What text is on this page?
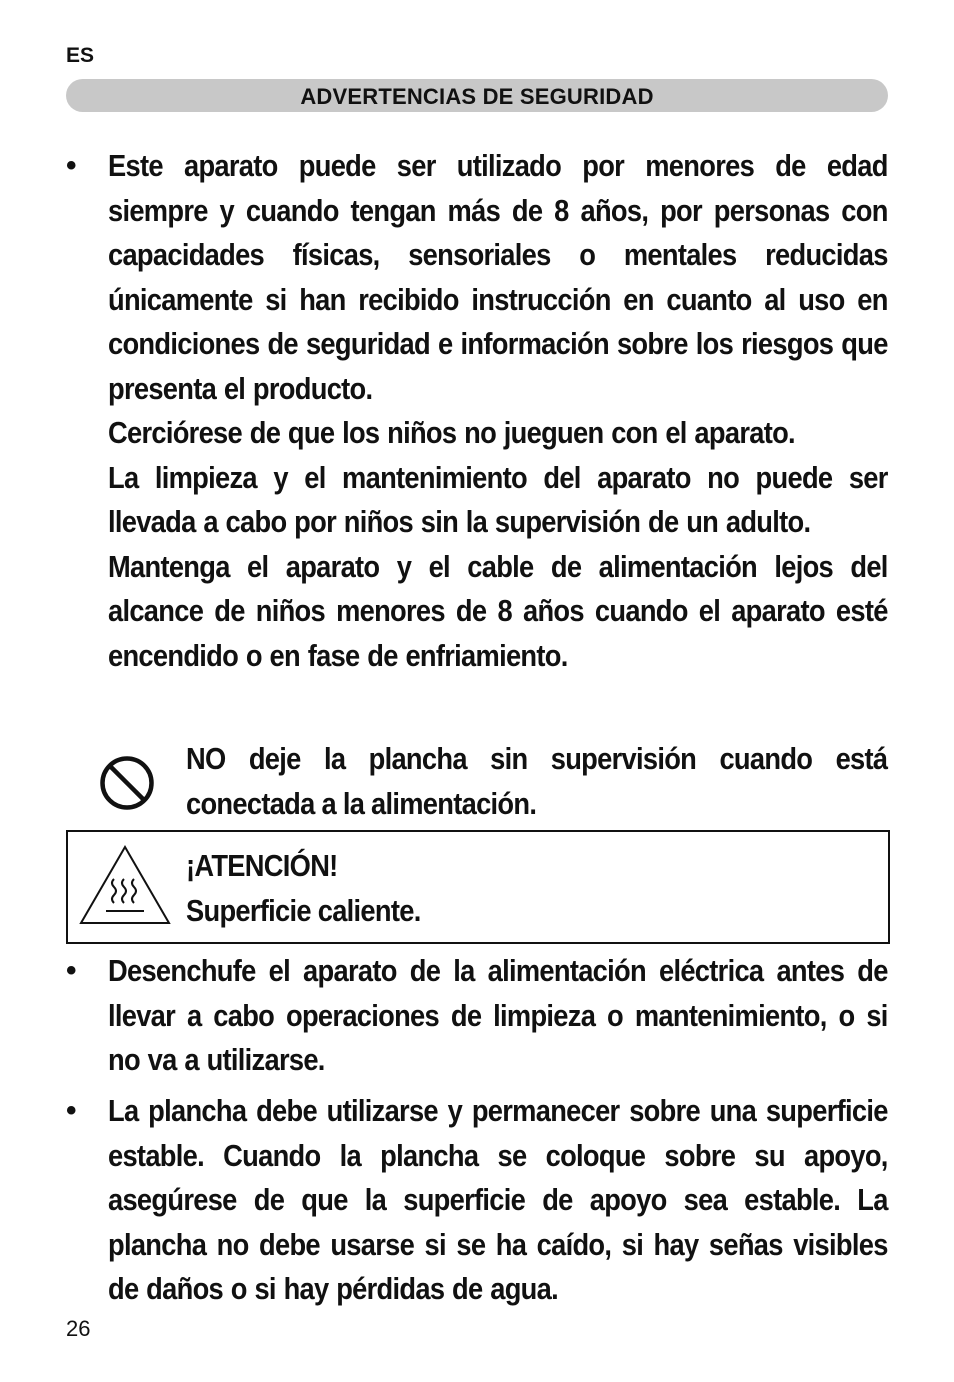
ES
ADVERTENCIAS DE SEGURIDAD
• Este aparato puede ser utilizado por menores de edad siempre y cuando tengan más de 8 años, por personas con capacidades físicas, sensoriales o mentales reducidas únicamente si han recibido instrucción en cuanto al uso en condiciones de seguridad e información sobre los riesgos que presenta el producto.

Cerciórese de que los niños no jueguen con el aparato.

La limpieza y el mantenimiento del aparato no puede ser llevada a cabo por niños sin la supervisión de un adulto.

Mantenga el aparato y el cable de alimentación lejos del alcance de niños menores de 8 años cuando el aparato esté encendido o en fase de enfriamiento.

NO deje la plancha sin supervisión cuando está conectada a la alimentación.
¡ATENCIÓN!
Superficie caliente.
• Desenchufe el aparato de la alimentación eléctrica antes de llevar a cabo operaciones de limpieza o mantenimiento, o si no va a utilizarse.
• La plancha debe utilizarse y permanecer sobre una superficie estable. Cuando la plancha se coloque sobre su apoyo, asegúrese de que la superficie de apoyo sea estable. La plancha no debe usarse si se ha caído, si hay señas visibles de daños o si hay pérdidas de agua.
26
